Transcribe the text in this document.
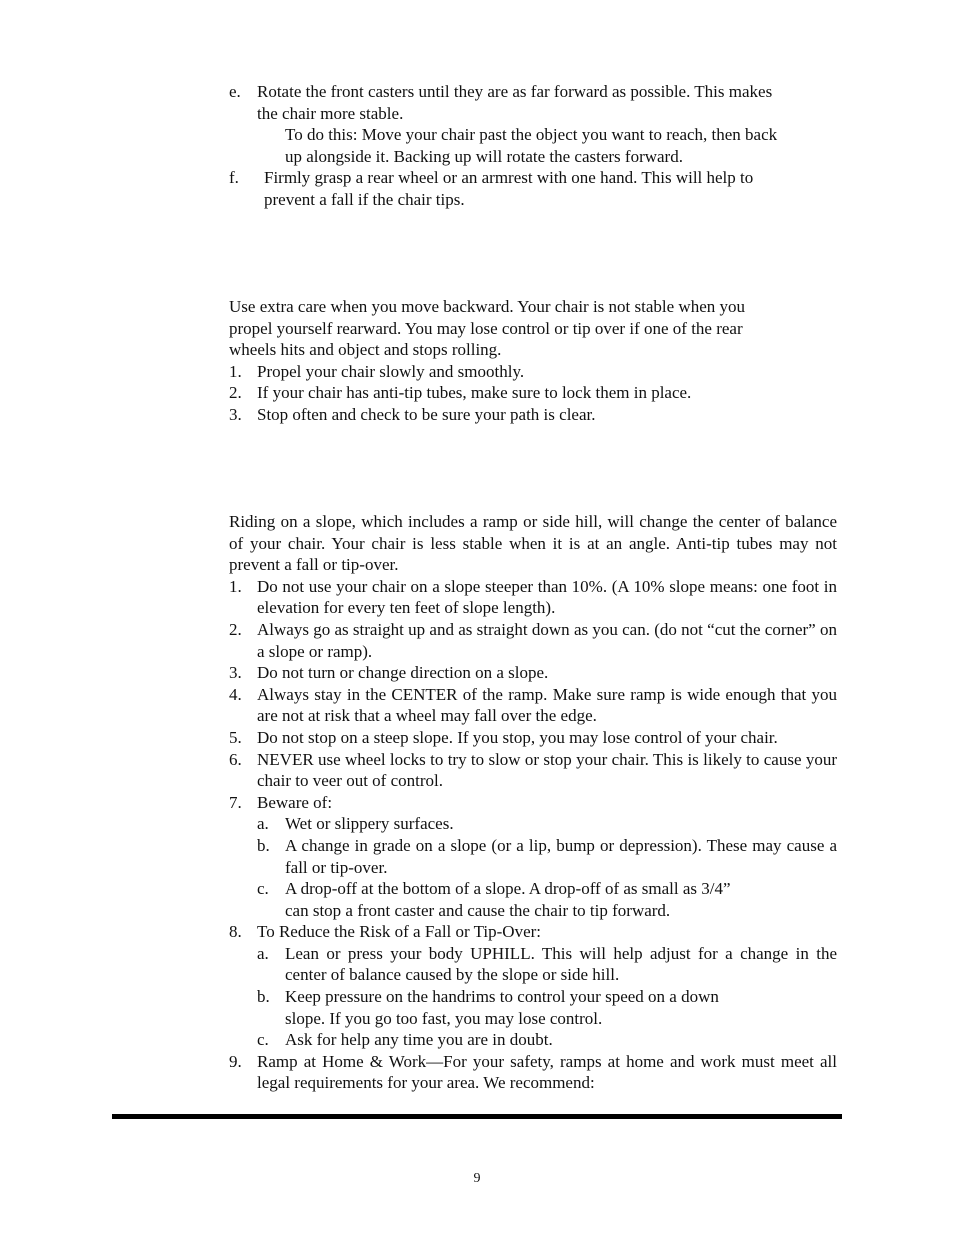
e. Rotate the front casters until they are as far forward as possible. This makes
the chair more stable.
To do this: Move your chair past the object you want to reach, then back
up alongside it. Backing up will rotate the casters forward.
f.	Firmly grasp a rear wheel or an armrest with one hand. This will help to
prevent a fall if the chair tips.
Use extra care when you move backward. Your chair is not stable when you
propel yourself rearward. You may lose control or tip over if one of the rear
wheels hits and object and stops rolling.
1. Propel your chair slowly and smoothly.
2. If your chair has anti-tip tubes, make sure to lock them in place.
3. Stop often and check to be sure your path is clear.
Riding on a slope, which includes a ramp or side hill, will change the center of balance of your chair. Your chair is less stable when it is at an angle. Anti-tip tubes may not prevent a fall or tip-over.
1. Do not use your chair on a slope steeper than 10%. (A 10% slope means: one foot in elevation for every ten feet of slope length).
2. Always go as straight up and as straight down as you can. (do not “cut the corner” on a slope or ramp).
3. Do not turn or change direction on a slope.
4. Always stay in the CENTER of the ramp. Make sure ramp is wide enough that you are not at risk that a wheel may fall over the edge.
5. Do not stop on a steep slope. If you stop, you may lose control of your chair.
6. NEVER use wheel locks to try to slow or stop your chair. This is likely to cause your chair to veer out of control.
7. Beware of:
a. Wet or slippery surfaces.
b. A change in grade on a slope (or a lip, bump or depression). These may cause a fall or tip-over.
c. A drop-off at the bottom of a slope. A drop-off of as small as 3/4”
can stop a front caster and cause the chair to tip forward.
8. To Reduce the Risk of a Fall or Tip-Over:
a. Lean or press your body UPHILL. This will help adjust for a change in the center of balance caused by the slope or side hill.
b. Keep pressure on the handrims to control your speed on a down
slope. If you go too fast, you may lose control.
c. Ask for help any time you are in doubt.
9. Ramp at Home & Work—For your safety, ramps at home and work must meet all legal requirements for your area. We recommend:
9
